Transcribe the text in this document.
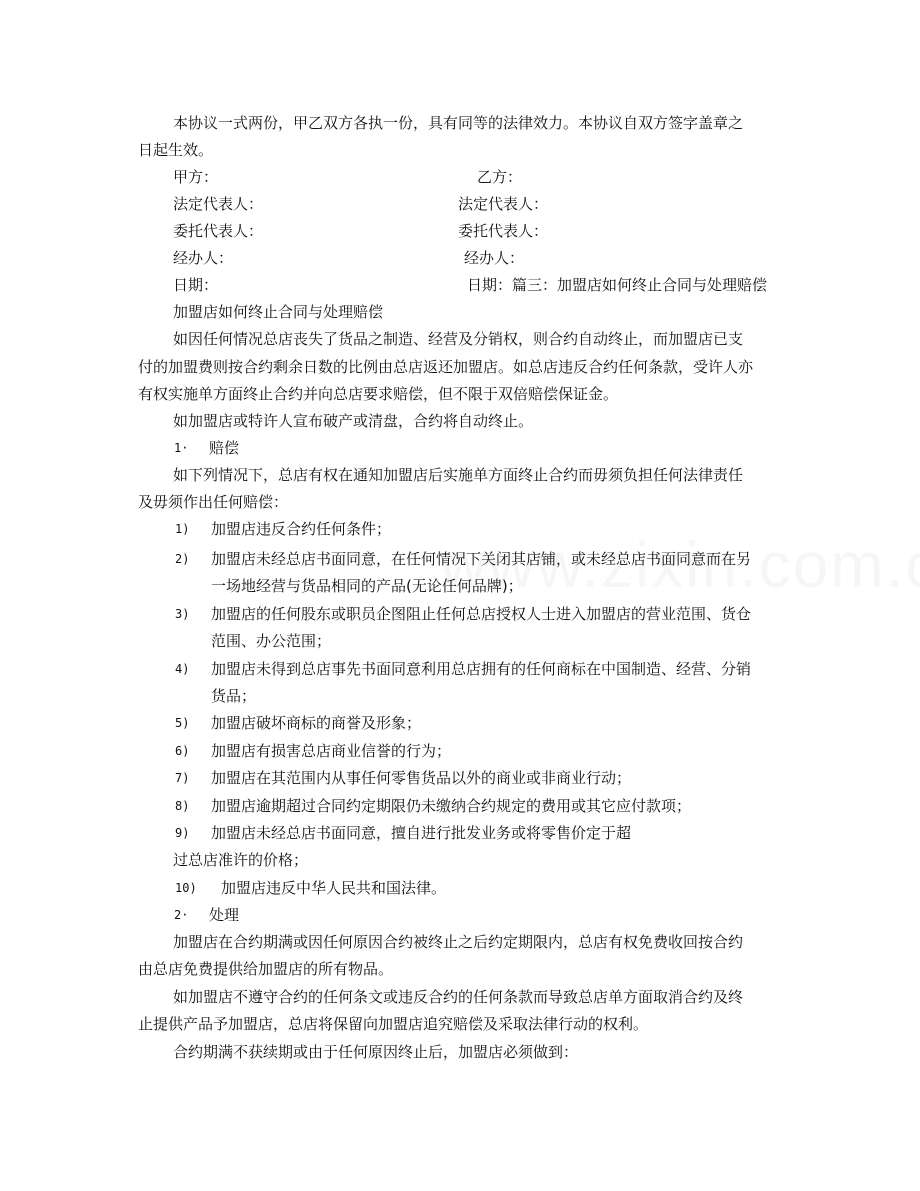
本协议一式两份，甲乙双方各执一份，具有同等的法律效力。本协议自双方签字盖章之
日起生效。
甲方：	乙方：
法定代表人：	法定代表人：
委托代表人：	委托代表人：
经办人：	经办人：
日期：	日期：篇三：加盟店如何终止合同与处理赔偿
加盟店如何终止合同与处理赔偿
如因任何情况总店丧失了货品之制造、经营及分销权，则合约自动终止，而加盟店已支
付的加盟费则按合约剩余日数的比例由总店返还加盟店。如总店违反合约任何条款，受许人亦
有权实施单方面终止合约并向总店要求赔偿，但不限于双倍赔偿保证金。
如加盟店或特许人宣布破产或清盘，合约将自动终止。
1· 赔偿
如下列情况下，总店有权在通知加盟店后实施单方面终止合约而毋须负担任何法律责任
及毋须作出任何赔偿：
1) 加盟店违反合约任何条件；
2) 加盟店未经总店书面同意，在任何情况下关闭其店铺，或未经总店书面同意而在另
一场地经营与货品相同的产品(无论任何品牌)；
3) 加盟店的任何股东或职员企图阻止任何总店授权人士进入加盟店的营业范围、货仓
范围、办公范围；
4) 加盟店未得到总店事先书面同意利用总店拥有的任何商标在中国制造、经营、分销
货品；
5) 加盟店破坏商标的商誉及形象；
6) 加盟店有损害总店商业信誉的行为；
7) 加盟店在其范围内从事任何零售货品以外的商业或非商业行动；
8) 加盟店逾期超过合同约定期限仍未缴纳合约规定的费用或其它应付款项；
9) 加盟店未经总店书面同意，擅自进行批发业务或将零售价定于超
过总店准许的价格；
10) 加盟店违反中华人民共和国法律。
2· 处理
加盟店在合约期满或因任何原因合约被终止之后约定期限内，总店有权免费收回按合约
由总店免费提供给加盟店的所有物品。
如加盟店不遵守合约的任何条文或违反合约的任何条款而导致总店单方面取消合约及终
止提供产品予加盟店，总店将保留向加盟店追究赔偿及采取法律行动的权利。
合约期满不获续期或由于任何原因终止后，加盟店必须做到：
